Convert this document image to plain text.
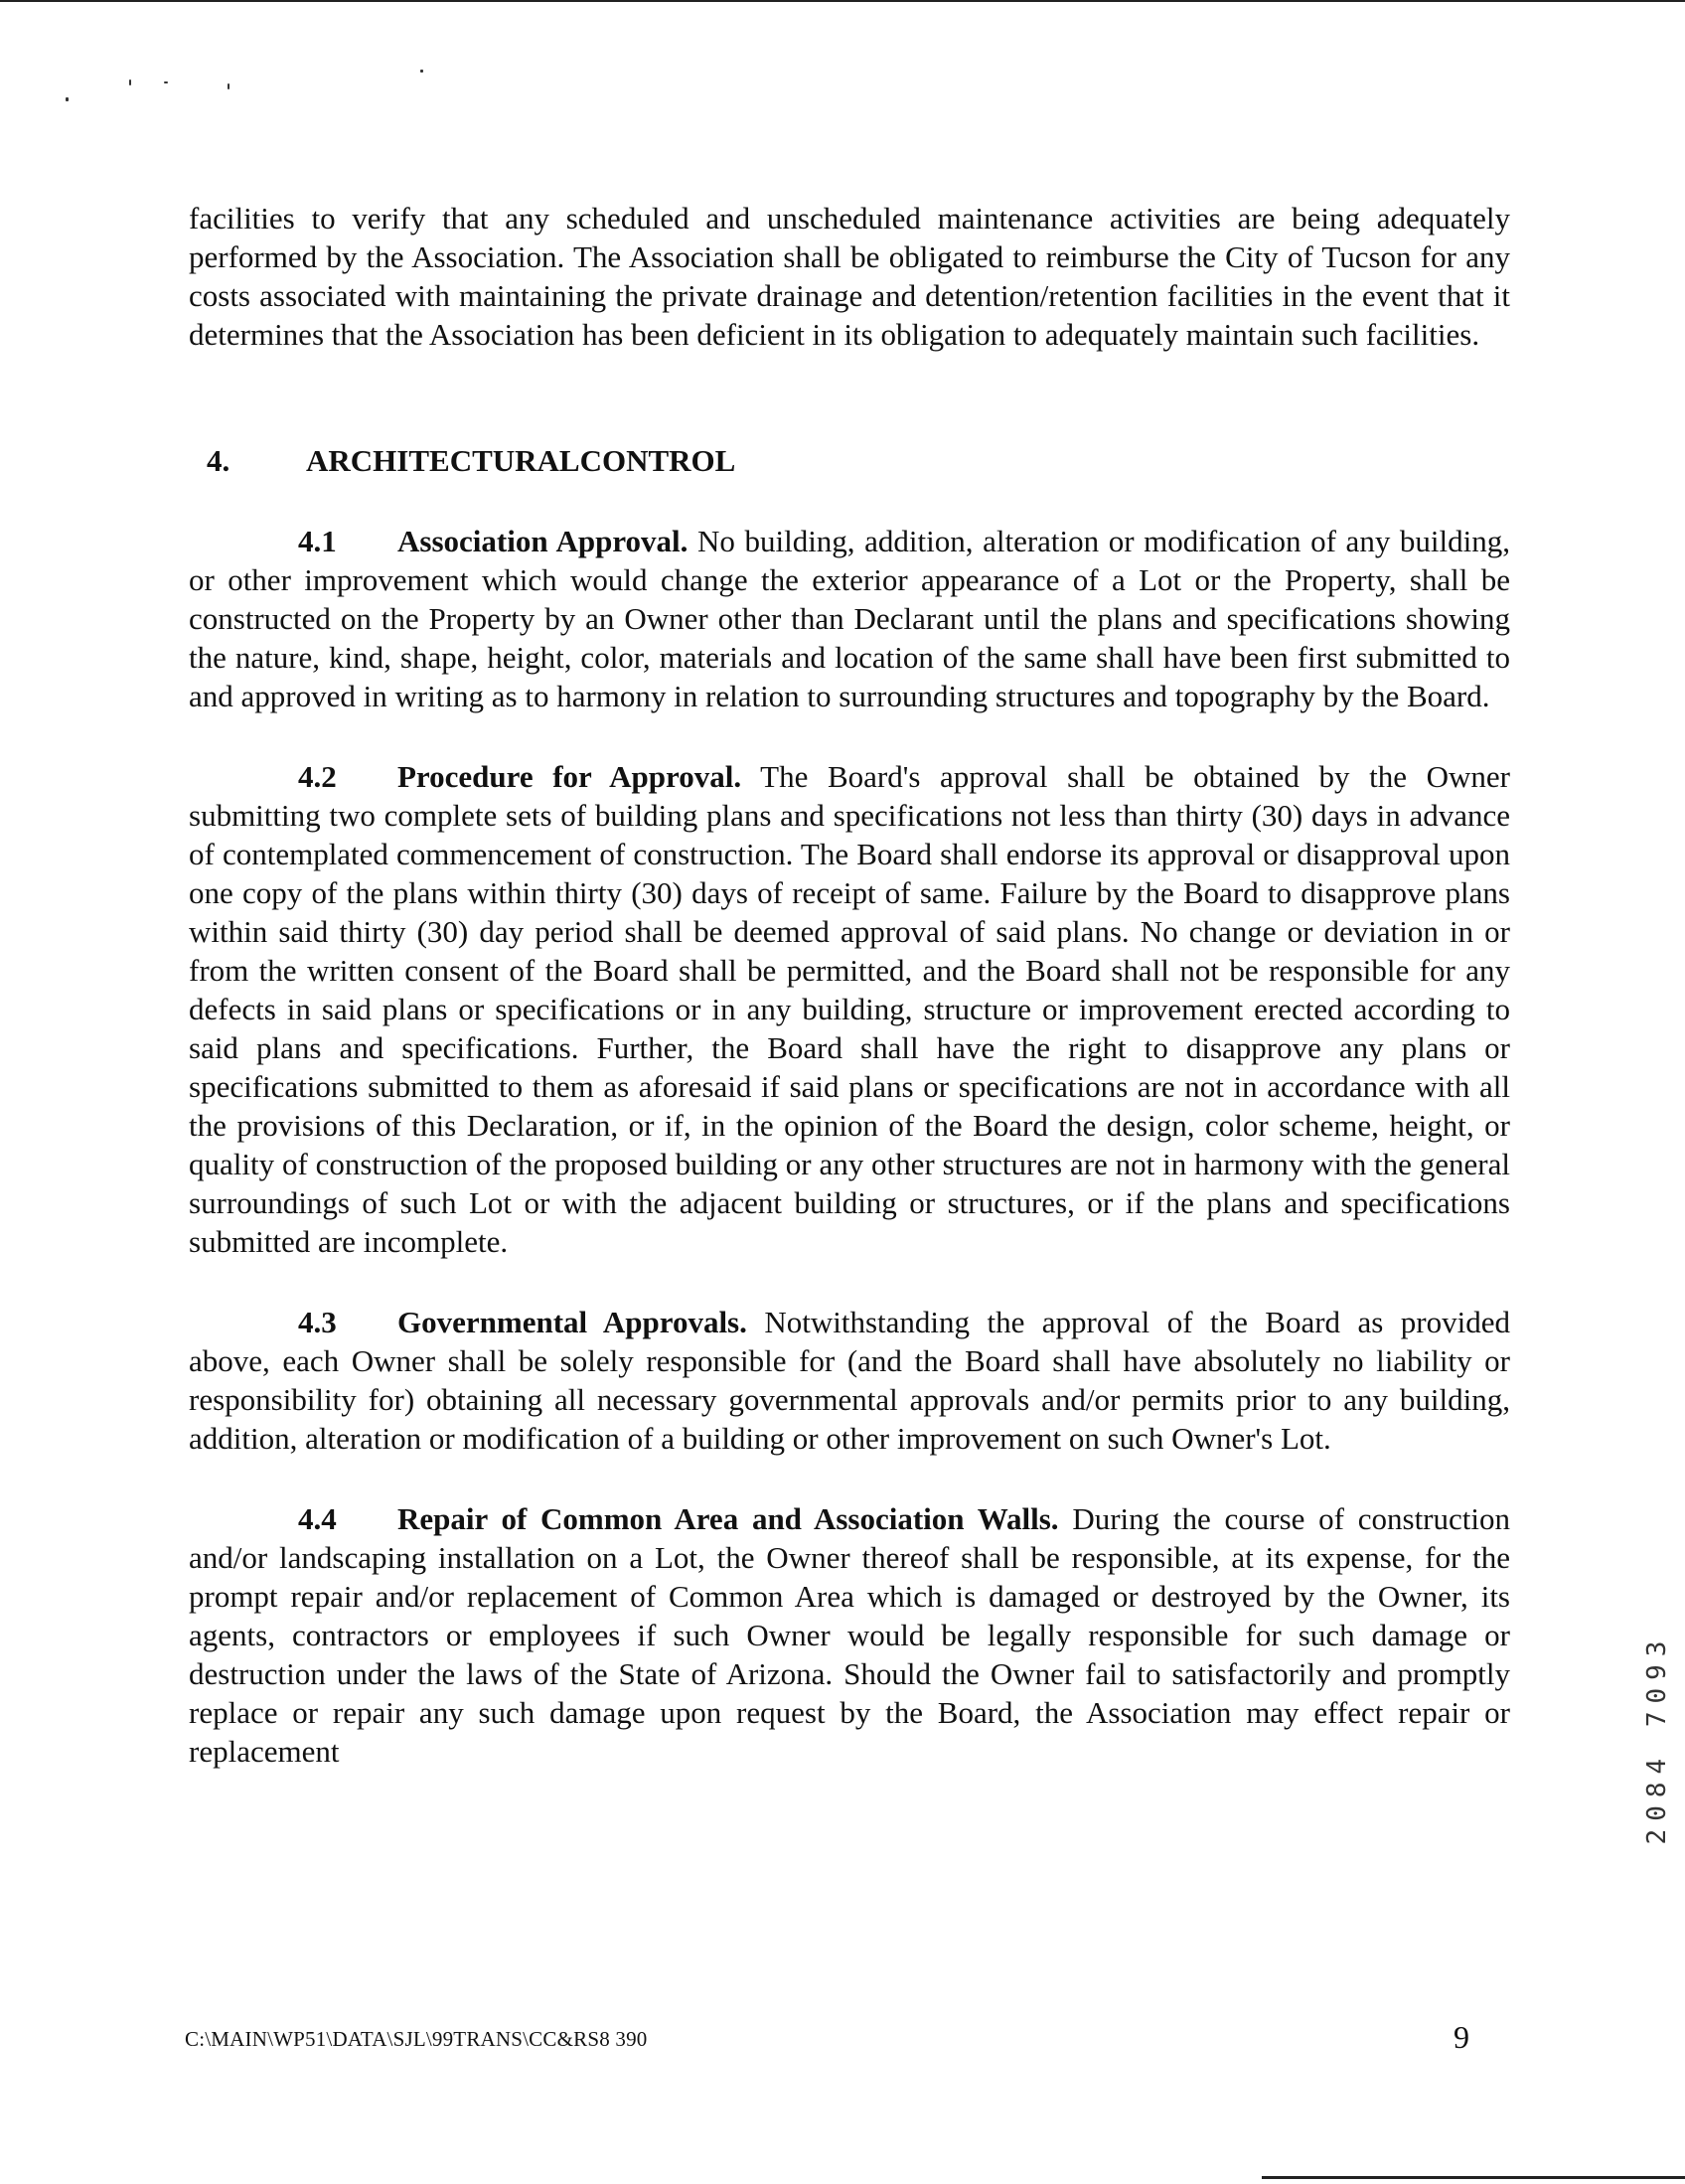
facilities to verify that any scheduled and unscheduled maintenance activities are being adequately performed by the Association. The Association shall be obligated to reimburse the City of Tucson for any costs associated with maintaining the private drainage and detention/retention facilities in the event that it determines that the Association has been deficient in its obligation to adequately maintain such facilities.

4. ARCHITECTURALCONTROL

4.1 Association Approval. No building, addition, alteration or modification of any building, or other improvement which would change the exterior appearance of a Lot or the Property, shall be constructed on the Property by an Owner other than Declarant until the plans and specifications showing the nature, kind, shape, height, color, materials and location of the same shall have been first submitted to and approved in writing as to harmony in relation to surrounding structures and topography by the Board.

4.2 Procedure for Approval. The Board's approval shall be obtained by the Owner submitting two complete sets of building plans and specifications not less than thirty (30) days in advance of contemplated commencement of construction. The Board shall endorse its approval or disapproval upon one copy of the plans within thirty (30) days of receipt of same. Failure by the Board to disapprove plans within said thirty (30) day period shall be deemed approval of said plans. No change or deviation in or from the written consent of the Board shall be permitted, and the Board shall not be responsible for any defects in said plans or specifications or in any building, structure or improvement erected according to said plans and specifications. Further, the Board shall have the right to disapprove any plans or specifications submitted to them as aforesaid if said plans or specifications are not in accordance with all the provisions of this Declaration, or if, in the opinion of the Board the design, color scheme, height, or quality of construction of the proposed building or any other structures are not in harmony with the general surroundings of such Lot or with the adjacent building or structures, or if the plans and specifications submitted are incomplete.

4.3 Governmental Approvals. Notwithstanding the approval of the Board as provided above, each Owner shall be solely responsible for (and the Board shall have absolutely no liability or responsibility for) obtaining all necessary governmental approvals and/or permits prior to any building, addition, alteration or modification of a building or other improvement on such Owner's Lot.

4.4 Repair of Common Area and Association Walls. During the course of construction and/or landscaping installation on a Lot, the Owner thereof shall be responsible, at its expense, for the prompt repair and/or replacement of Common Area which is damaged or destroyed by the Owner, its agents, contractors or employees if such Owner would be legally responsible for such damage or destruction under the laws of the State of Arizona. Should the Owner fail to satisfactorily and promptly replace or repair any such damage upon request by the Board, the Association may effect repair or replacement

C:\MAIN\WP51\DATA\SJL\99TRANS\CC&RS8 390	9
2084 7093
